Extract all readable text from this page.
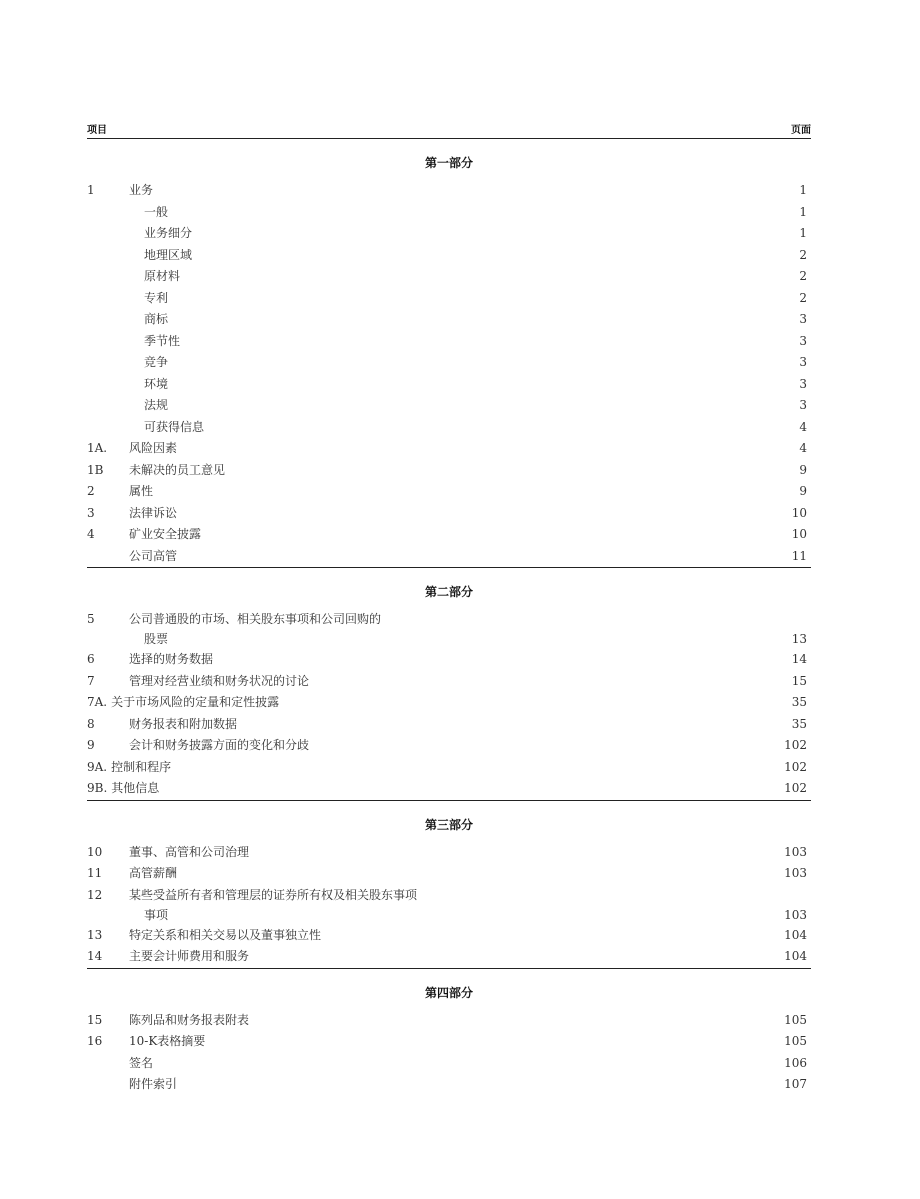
项目	页面
第一部分
1	业务	1
一般	1
业务细分	1
地理区域	2
原材料	2
专利	2
商标	3
季节性	3
竞争	3
环境	3
法规	3
可获得信息	4
1A.	风险因素	4
1B	未解决的员工意见	9
2	属性	9
3	法律诉讼	10
4	矿业安全披露	10
公司高管	11
第二部分
5	公司普通股的市场、相关股东事项和公司回购的
股票	13
6	选择的财务数据	14
7	管理对经营业绩和财务状况的讨论	15
7A. 关于市场风险的定量和定性披露	35
8	财务报表和附加数据	35
9	会计和财务披露方面的变化和分歧	102
9A. 控制和程序	102
9B. 其他信息	102
第三部分
10	董事、高管和公司治理	103
11	高管薪酬	103
12	某些受益所有者和管理层的证券所有权及相关股东事项
事项	103
13	特定关系和相关交易以及董事独立性	104
14	主要会计师费用和服务	104
第四部分
15	陈列品和财务报表附表	105
16	10-K表格摘要	105
签名	106
附件索引	107
